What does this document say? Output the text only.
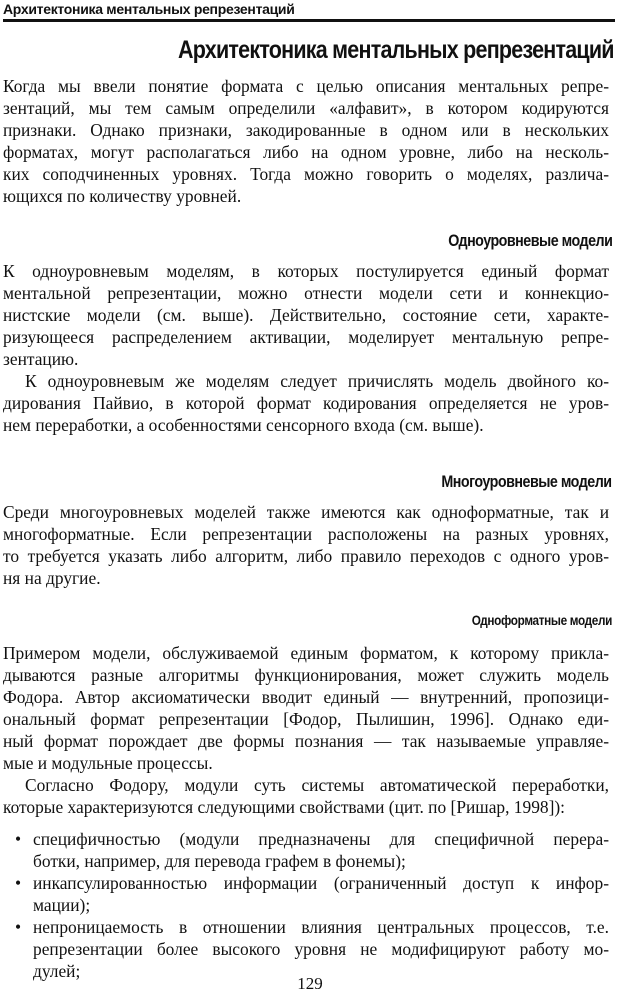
Архитектоника ментальных репрезентаций
Архитектоника ментальных репрезентаций

Когда мы ввели понятие формата с целью описания ментальных репре-
зентаций, мы тем самым определили «алфавит», в котором кодируются
признаки. Однако признаки, закодированные в одном или в нескольких
форматах, могут располагаться либо на одном уровне, либо на несколь-
ких соподчиненных уровнях. Тогда можно говорить о моделях, различа-
ющихся по количеству уровней.

Одноуровневые модели

К одноуровневым моделям, в которых постулируется единый формат
ментальной репрезентации, можно отнести модели сети и коннекцио-
нистские модели (см. выше). Действительно, состояние сети, характе-
ризующееся распределением активации, моделирует ментальную репре-
зентацию.

К одноуровневым же моделям следует причислять модель двойного ко-
дирования Пайвио, в которой формат кодирования определяется не уров-
нем переработки, а особенностями сенсорного входа (см. выше).

Многоуровневые модели

Среди многоуровневых моделей также имеются как одноформатные, так и
многоформатные. Если репрезентации расположены на разных уровнях,
то требуется указать либо алгоритм, либо правило переходов с одного уров-
ня на другие.

Одноформатные модели

Примером модели, обслуживаемой единым форматом, к которому прикла-
дываются разные алгоритмы функционирования, может служить модель
Фодора. Автор аксиоматически вводит единый — внутренний, пропозици-
ональный формат репрезентации [Фодор, Пылишин, 1996]. Однако еди-
ный формат порождает две формы познания — так называемые управляе-
мые и модульные процессы.

Согласно Фодору, модули суть системы автоматической переработки,
которые характеризуются следующими свойствами (цит. по [Ришар, 1998]):

• специфичностью (модули предназначены для специфичной перера-
ботки, например, для перевода графем в фонемы);
• инкапсулированностью информации (ограниченный доступ к инфор-
мации);
• непроницаемость в отношении влияния центральных процессов, т.е.
репрезентации более высокого уровня не модифицируют работу мо-
дулей;
129
